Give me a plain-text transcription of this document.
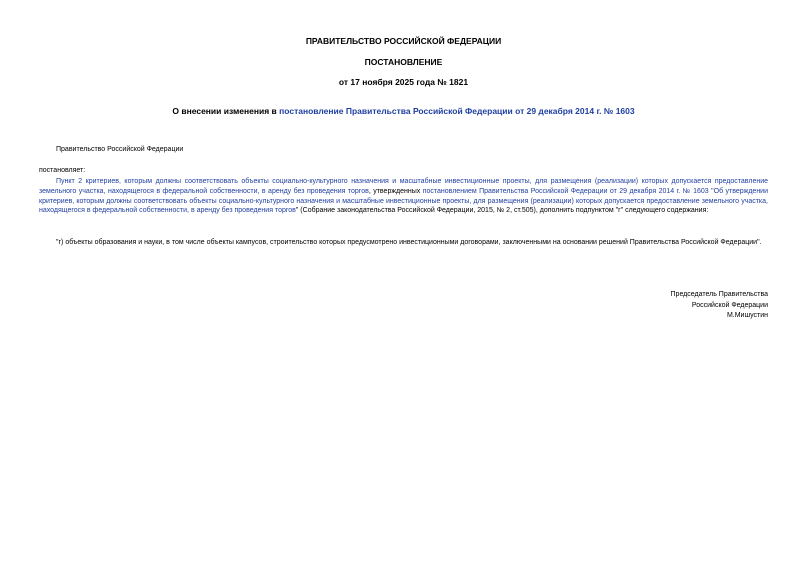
ПРАВИТЕЛЬСТВО РОССИЙСКОЙ ФЕДЕРАЦИИ
ПОСТАНОВЛЕНИЕ
от 17 ноября 2025 года № 1821
О внесении изменения в постановление Правительства Российской Федерации от 29 декабря 2014 г. № 1603
Правительство Российской Федерации
постановляет:

Пункт 2 критериев, которым должны соответствовать объекты социально-культурного назначения и масштабные инвестиционные проекты, для размещения (реализации) которых допускается предоставление земельного участка, находящегося в федеральной собственности, в аренду без проведения торгов, утвержденных постановлением Правительства Российской Федерации от 29 декабря 2014 г. № 1603 "Об утверждении критериев, которым должны соответствовать объекты социально-культурного назначения и масштабные инвестиционные проекты, для размещения (реализации) которых допускается предоставление земельного участка, находящегося в федеральной собственности, в аренду без проведения торгов" (Собрание законодательства Российской Федерации, 2015, № 2, ст.505), дополнить подпунктом "г" следующего содержания:

"г) объекты образования и науки, в том числе объекты кампусов, строительство которых предусмотрено инвестиционными договорами, заключенными на основании решений Правительства Российской Федерации".

Председатель Правительства
Российской Федерации
М.Мишустин
